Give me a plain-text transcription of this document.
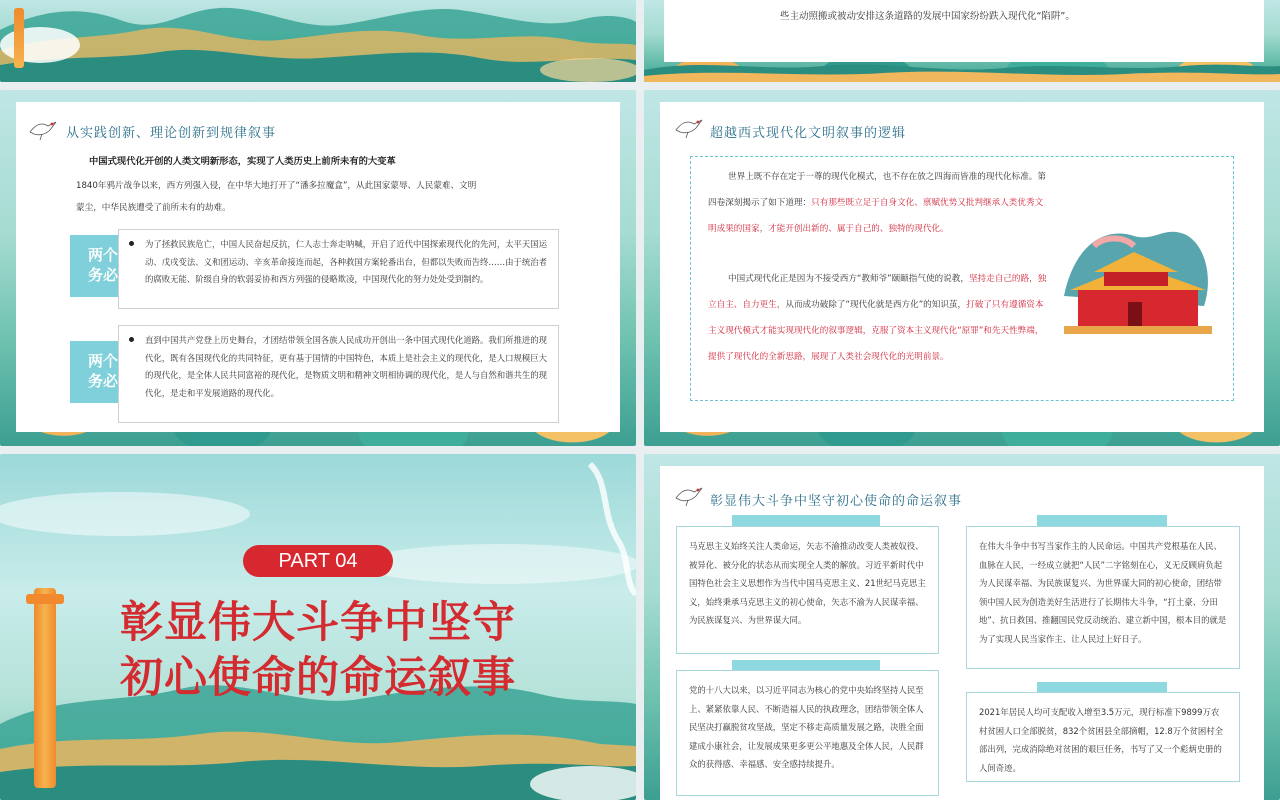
些主动照搬或被动安排这条道路的发展中国家纷纷跌入现代化“陷阱”。
从实践创新、理论创新到规律叙事
中国式现代化开创的人类文明新形态，实现了人类历史上前所未有的大变革
1840年鸦片战争以来，西方列强入侵，在中华大地打开了“潘多拉魔盒”，从此国家蒙辱、人民蒙难、文明
蒙尘，中华民族遭受了前所未有的劫难。
两个
务必
为了拯救民族危亡，中国人民奋起反抗，仁人志士奔走呐喊，开启了近代中国探索现代化的先河，太平天国运动、戊戌变法、义和团运动、辛亥革命接连而起，各种救国方案轮番出台，但都以失败而告终……由于统治者的腐败无能、阶级自身的软弱妥协和西方列强的侵略欺凌，中国现代化的努力处处受到制约。
两个
务必
直到中国共产党登上历史舞台，才团结带领全国各族人民成功开创出一条中国式现代化道路。我们所推进的现代化，既有各国现代化的共同特征，更有基于国情的中国特色，本质上是社会主义的现代化，是人口规模巨大的现代化，是全体人民共同富裕的现代化，是物质文明和精神文明相协调的现代化，是人与自然和谐共生的现代化，是走和平发展道路的现代化。
超越西式现代化文明叙事的逻辑
世界上既不存在定于一尊的现代化模式，也不存在放之四海而皆准的现代化标准。第四卷深刻揭示了如下道理：只有那些既立足于自身文化、禀赋优势又批判继承人类优秀文明成果的国家，才能开创出新的、属于自己的、独特的现代化。
中国式现代化正是因为不接受西方“教师爷”颐颐指气使的说教，坚持走自己的路，独立自主、自力更生，从而成功破除了“现代化就是西方化”的知识茧，打破了只有遵循资本主义现代模式才能实现现代化的叙事逻辑，克服了资本主义现代化“原罪”和先天性弊端，提供了现代化的全新思路，展现了人类社会现代化的光明前景。
PART 04
彰显伟大斗争中坚守
初心使命的命运叙事
彰显伟大斗争中坚守初心使命的命运叙事
马克思主义始终关注人类命运，矢志不渝推动改变人类被奴役、被异化、被分化的状态从而实现全人类的解放。习近平新时代中国特色社会主义思想作为当代中国马克思主义、21世纪马克思主义，始终秉承马克思主义的初心使命，矢志不渝为人民谋幸福、为民族谋复兴、为世界谋大同。
在伟大斗争中书写当家作主的人民命运。中国共产党根基在人民、血脉在人民，一经成立就把“人民”二字铭刻在心，义无反顾肩负起为人民谋幸福、为民族谋复兴、为世界谋大同的初心使命，团结带领中国人民为创造美好生活进行了长期伟大斗争，“打土豪、分田地”、抗日救国、推翻国民党反动统治、建立新中国，根本目的就是为了实现人民当家作主、让人民过上好日子。
党的十八大以来，以习近平同志为核心的党中央始终坚持人民至上、紧紧依靠人民、不断造福人民的执政理念，团结带领全体人民坚决打赢脱贫攻坚战，坚定不移走高质量发展之路，决胜全面建成小康社会，让发展成果更多更公平地惠及全体人民，人民群众的获得感、幸福感、安全感持续提升。
2021年居民人均可支配收入增至3.5万元，现行标准下9899万农村贫困人口全部脱贫，832个贫困县全部摘帽，12.8万个贫困村全部出列，完成消除绝对贫困的艰巨任务，书写了又一个彪炳史册的人间奇迹。
